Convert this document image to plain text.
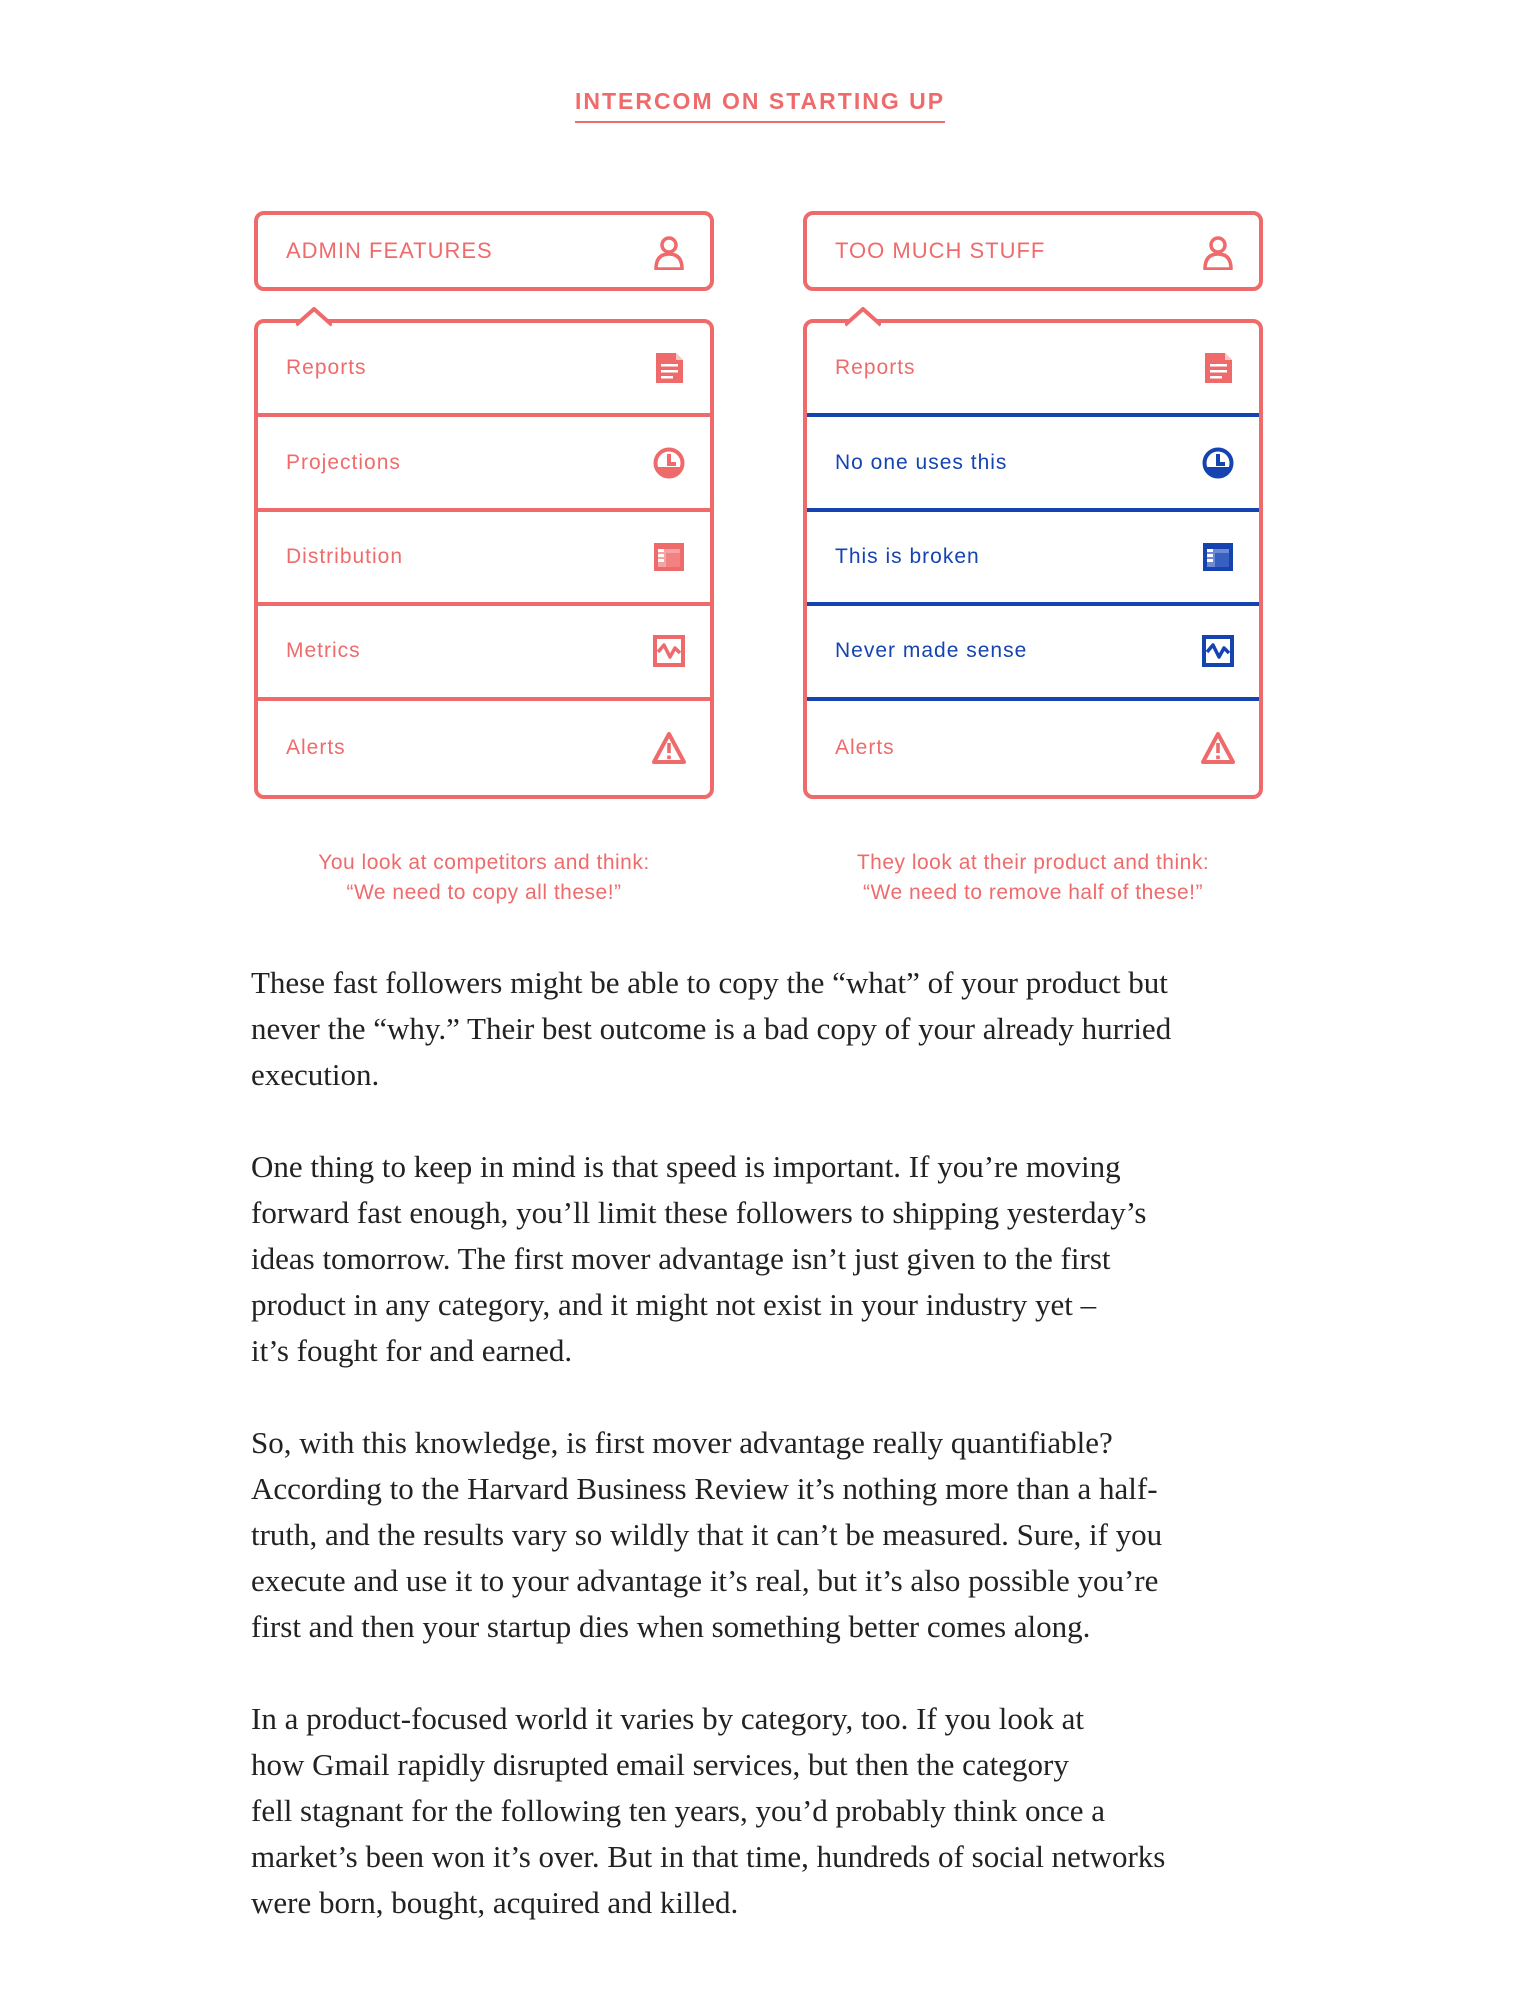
INTERCOM ON STARTING UP
ADMIN FEATURES
Reports
Projections
Distribution
Metrics
Alerts
TOO MUCH STUFF
Reports
No one uses this
This is broken
Never made sense
Alerts
You look at competitors and think:
“We need to copy all these!”
They look at their product and think:
“We need to remove half of these!”

These fast followers might be able to copy the “what” of your product but
never the “why.” Their best outcome is a bad copy of your already hurried
execution.

One thing to keep in mind is that speed is important. If you’re moving
forward fast enough, you’ll limit these followers to shipping yesterday’s
ideas tomorrow. The first mover advantage isn’t just given to the first
product in any category, and it might not exist in your industry yet –
it’s fought for and earned.

So, with this knowledge, is first mover advantage really quantifiable?
According to the Harvard Business Review it’s nothing more than a half-
truth, and the results vary so wildly that it can’t be measured. Sure, if you
execute and use it to your advantage it’s real, but it’s also possible you’re
first and then your startup dies when something better comes along.

In a product-focused world it varies by category, too. If you look at
how Gmail rapidly disrupted email services, but then the category
fell stagnant for the following ten years, you’d probably think once a
market’s been won it’s over. But in that time, hundreds of social networks
were born, bought, acquired and killed.
